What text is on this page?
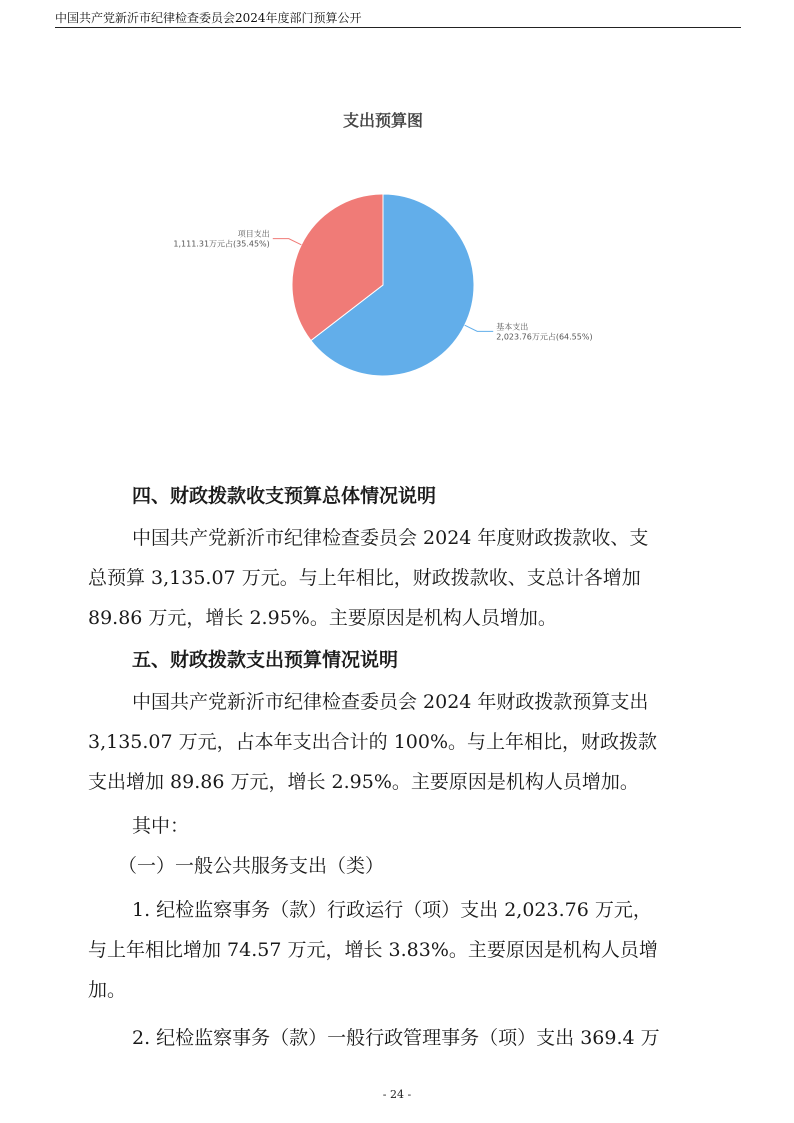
中国共产党新沂市纪律检查委员会2024年度部门预算公开
支出预算图
基本支出
2,023.76万元占(64.55%)
项目支出
1,111.31万元占(35.45%)
四、财政拨款收支预算总体情况说明
中国共产党新沂市纪律检查委员会 2024 年度财政拨款收、支
总预算 3,135.07 万元。与上年相比，财政拨款收、支总计各增加
89.86 万元，增长 2.95%。主要原因是机构人员增加。
五、财政拨款支出预算情况说明
中国共产党新沂市纪律检查委员会 2024 年财政拨款预算支出
3,135.07 万元，占本年支出合计的 100%。与上年相比，财政拨款
支出增加 89.86 万元，增长 2.95%。主要原因是机构人员增加。
其中：
（一）一般公共服务支出（类）
1. 纪检监察事务（款）行政运行（项）支出 2,023.76 万元，
与上年相比增加 74.57 万元，增长 3.83%。主要原因是机构人员增
加。
2. 纪检监察事务（款）一般行政管理事务（项）支出 369.4 万
- 24 -
